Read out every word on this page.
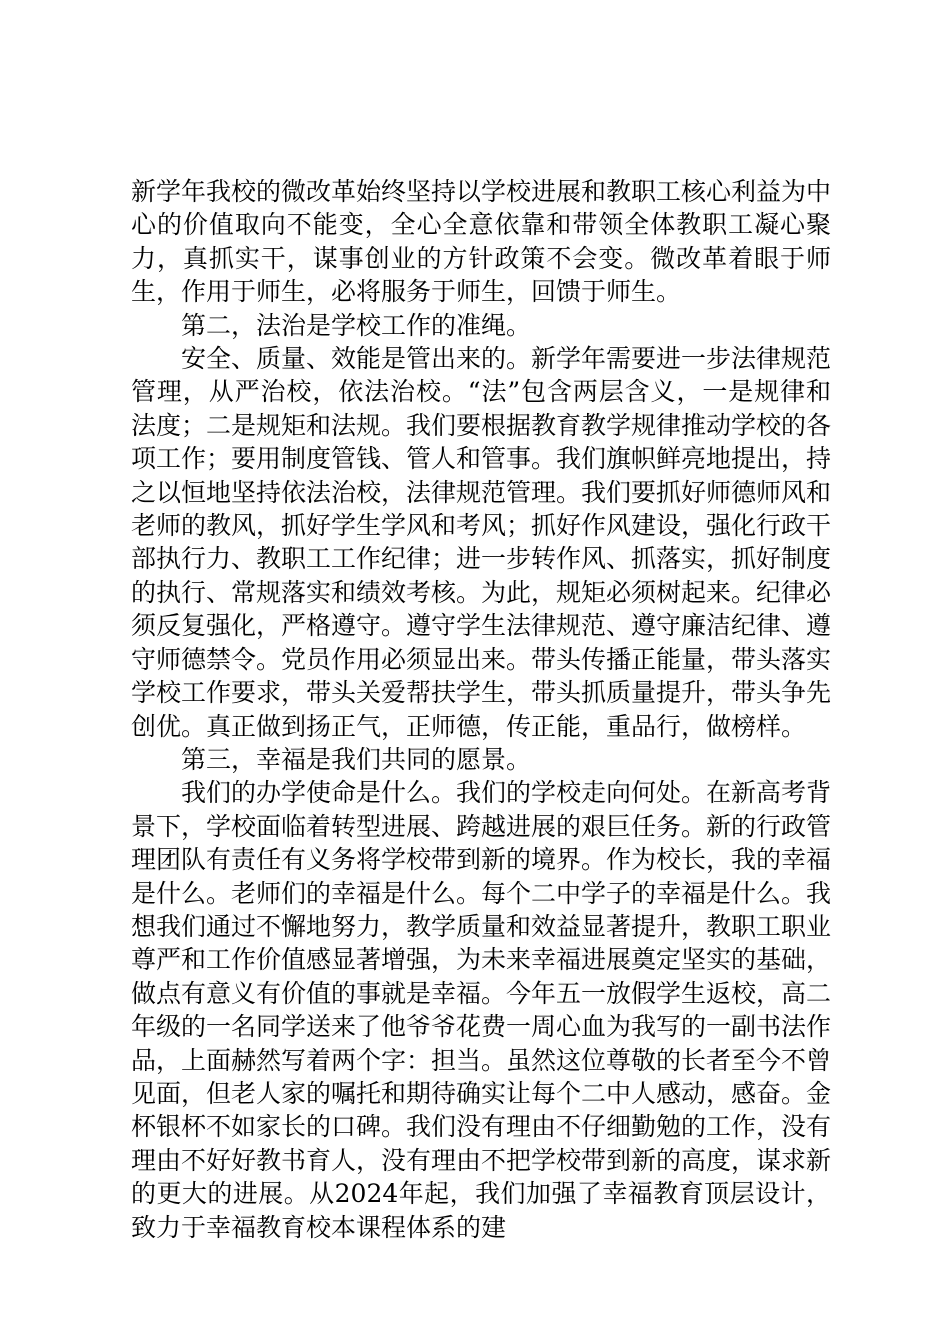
新学年我校的微改革始终坚持以学校进展和教职工核心利益为中心的价值取向不能变，全心全意依靠和带领全体教职工凝心聚力，真抓实干，谋事创业的方针政策不会变。微改革着眼于师生，作用于师生，必将服务于师生，回馈于师生。

第二，法治是学校工作的准绳。

安全、质量、效能是管出来的。新学年需要进一步法律规范管理，从严治校，依法治校。“法”包含两层含义，一是规律和法度；二是规矩和法规。我们要根据教育教学规律推动学校的各项工作；要用制度管钱、管人和管事。我们旗帜鲜亮地提出，持之以恒地坚持依法治校，法律规范管理。我们要抓好师德师风和老师的教风，抓好学生学风和考风；抓好作风建设，强化行政干部执行力、教职工工作纪律；进一步转作风、抓落实，抓好制度的执行、常规落实和绩效考核。为此，规矩必须树起来。纪律必须反复强化，严格遵守。遵守学生法律规范、遵守廉洁纪律、遵守师德禁令。党员作用必须显出来。带头传播正能量，带头落实学校工作要求，带头关爱帮扶学生，带头抓质量提升，带头争先创优。真正做到扬正气，正师德，传正能，重品行，做榜样。

第三，幸福是我们共同的愿景。

我们的办学使命是什么。我们的学校走向何处。在新高考背景下，学校面临着转型进展、跨越进展的艰巨任务。新的行政管理团队有责任有义务将学校带到新的境界。作为校长，我的幸福是什么。老师们的幸福是什么。每个二中学子的幸福是什么。我想我们通过不懈地努力，教学质量和效益显著提升，教职工职业尊严和工作价值感显著增强，为未来幸福进展奠定坚实的基础，做点有意义有价值的事就是幸福。今年五一放假学生返校，高二年级的一名同学送来了他爷爷花费一周心血为我写的一副书法作品，上面赫然写着两个字：担当。虽然这位尊敬的长者至今不曾见面，但老人家的嘱托和期待确实让每个二中人感动，感奋。金杯银杯不如家长的口碑。我们没有理由不仔细勤勉的工作，没有理由不好好教书育人，没有理由不把学校带到新的高度，谋求新的更大的进展。从2024年起，我们加强了幸福教育顶层设计，致力于幸福教育校本课程体系的建
